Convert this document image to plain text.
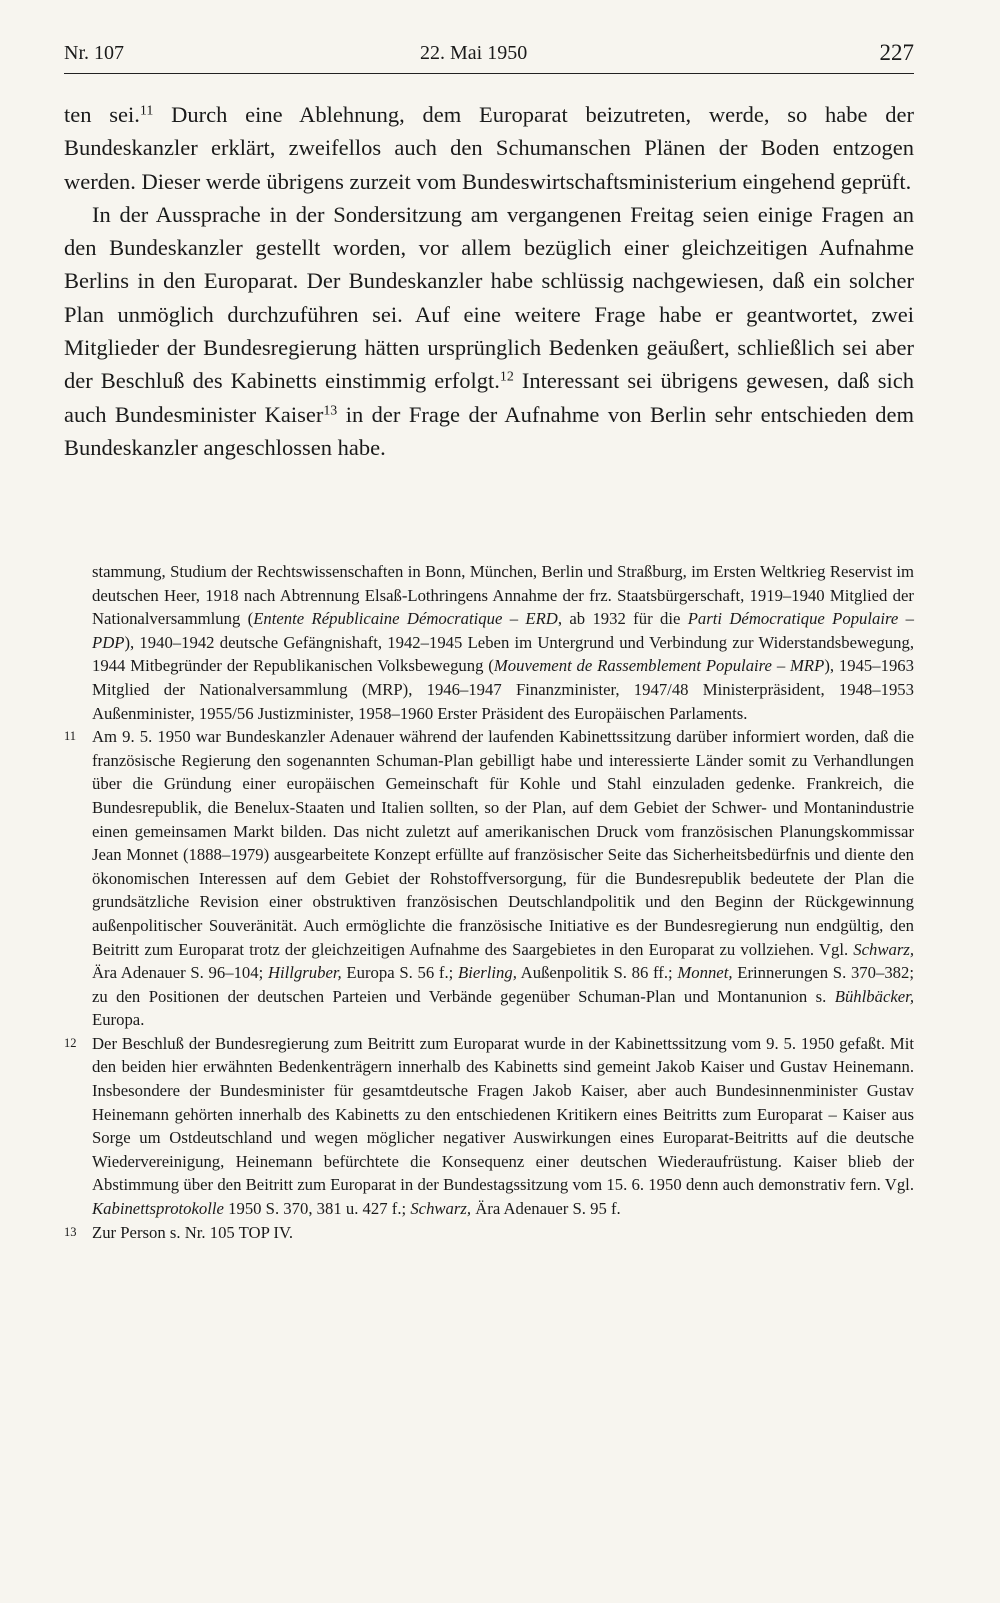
Nr. 107	22. Mai 1950	227

ten sei.$^{11}$ Durch eine Ablehnung, dem Europarat beizutreten, werde, so habe der Bundeskanzler erklärt, zweifellos auch den Schumanschen Plänen der Boden entzogen werden. Dieser werde übrigens zurzeit vom Bundeswirtschaftsministerium eingehend geprüft.

In der Aussprache in der Sondersitzung am vergangenen Freitag seien einige Fragen an den Bundeskanzler gestellt worden, vor allem bezüglich einer gleichzeitigen Aufnahme Berlins in den Europarat. Der Bundeskanzler habe schlüssig nachgewiesen, daß ein solcher Plan unmöglich durchzuführen sei. Auf eine weitere Frage habe er geantwortet, zwei Mitglieder der Bundesregierung hätten ursprünglich Bedenken geäußert, schließlich sei aber der Beschluß des Kabinetts einstimmig erfolgt.$^{12}$ Interessant sei übrigens gewesen, daß sich auch Bundesminister Kaiser$^{13}$ in der Frage der Aufnahme von Berlin sehr entschieden dem Bundeskanzler angeschlossen habe.

stammung, Studium der Rechtswissenschaften in Bonn, München, Berlin und Straßburg, im Ersten Weltkrieg Reservist im deutschen Heer, 1918 nach Abtrennung Elsaß-Lothringens Annahme der frz. Staatsbürgerschaft, 1919–1940 Mitglied der Nationalversammlung (Entente Républicaine Démocratique – ERD, ab 1932 für die Parti Démocratique Populaire – PDP), 1940–1942 deutsche Gefängnishaft, 1942–1945 Leben im Untergrund und Verbindung zur Widerstandsbewegung, 1944 Mitbegründer der Republikanischen Volksbewegung (Mouvement de Rassemblement Populaire – MRP), 1945–1963 Mitglied der Nationalversammlung (MRP), 1946–1947 Finanzminister, 1947/48 Ministerpräsident, 1948–1953 Außenminister, 1955/56 Justizminister, 1958–1960 Erster Präsident des Europäischen Parlaments.

11 Am 9. 5. 1950 war Bundeskanzler Adenauer während der laufenden Kabinettssitzung darüber informiert worden, daß die französische Regierung den sogenannten Schuman-Plan gebilligt habe und interessierte Länder somit zu Verhandlungen über die Gründung einer europäischen Gemeinschaft für Kohle und Stahl einzuladen gedenke. Frankreich, die Bundesrepublik, die Benelux-Staaten und Italien sollten, so der Plan, auf dem Gebiet der Schwer- und Montanindustrie einen gemeinsamen Markt bilden. Das nicht zuletzt auf amerikanischen Druck vom französischen Planungskommissar Jean Monnet (1888–1979) ausgearbeitete Konzept erfüllte auf französischer Seite das Sicherheitsbedürfnis und diente den ökonomischen Interessen auf dem Gebiet der Rohstoffversorgung, für die Bundesrepublik bedeutete der Plan die grundsätzliche Revision einer obstruktiven französischen Deutschlandpolitik und den Beginn der Rückgewinnung außenpolitischer Souveränität. Auch ermöglichte die französische Initiative es der Bundesregierung nun endgültig, den Beitritt zum Europarat trotz der gleichzeitigen Aufnahme des Saargebietes in den Europarat zu vollziehen. Vgl. Schwarz, Ära Adenauer S. 96–104; Hillgruber, Europa S. 56 f.; Bierling, Außenpolitik S. 86 ff.; Monnet, Erinnerungen S. 370–382; zu den Positionen der deutschen Parteien und Verbände gegenüber Schuman-Plan und Montanunion s. Bühlbäcker, Europa.

12 Der Beschluß der Bundesregierung zum Beitritt zum Europarat wurde in der Kabinettssitzung vom 9. 5. 1950 gefaßt. Mit den beiden hier erwähnten Bedenkenträgern innerhalb des Kabinetts sind gemeint Jakob Kaiser und Gustav Heinemann. Insbesondere der Bundesminister für gesamtdeutsche Fragen Jakob Kaiser, aber auch Bundesinnenminister Gustav Heinemann gehörten innerhalb des Kabinetts zu den entschiedenen Kritikern eines Beitritts zum Europarat – Kaiser aus Sorge um Ostdeutschland und wegen möglicher negativer Auswirkungen eines Europarat-Beitritts auf die deutsche Wiedervereinigung, Heinemann befürchtete die Konsequenz einer deutschen Wiederaufrüstung. Kaiser blieb der Abstimmung über den Beitritt zum Europarat in der Bundestagssitzung vom 15. 6. 1950 denn auch demonstrativ fern. Vgl. Kabinettsprotokolle 1950 S. 370, 381 u. 427 f.; Schwarz, Ära Adenauer S. 95 f.

13 Zur Person s. Nr. 105 TOP IV.
